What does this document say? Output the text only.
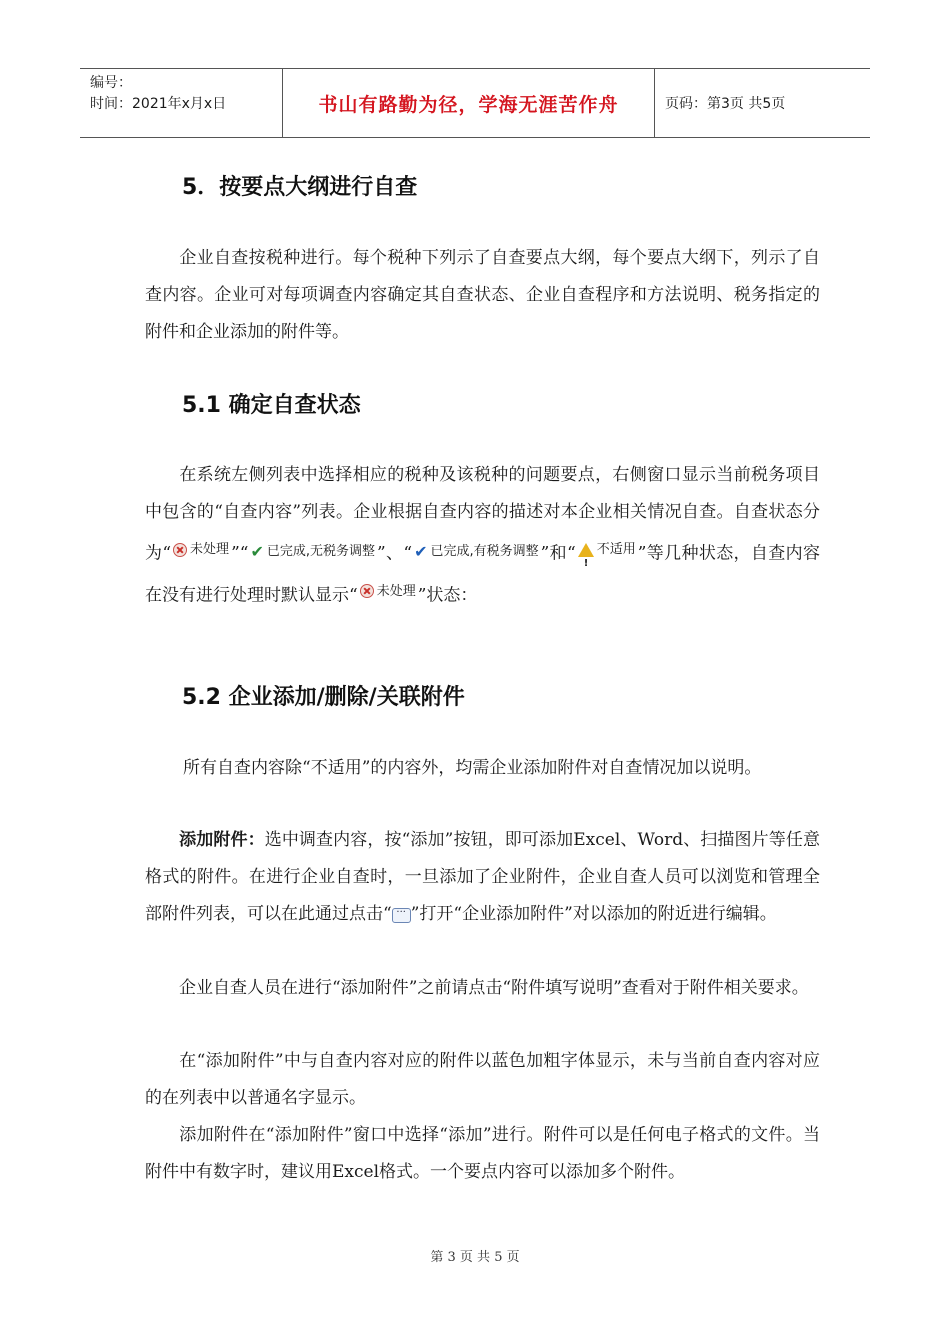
编号：
时间：2021年x月x日	书山有路勤为径，学海无涯苦作舟	页码：第3页 共5页
5．按要点大纲进行自查

企业自查按税种进行。每个税种下列示了自查要点大纲，每个要点大纲下，列示了自查内容。企业可对每项调查内容确定其自查状态、企业自查程序和方法说明、税务指定的附件和企业添加的附件等。

5.1 确定自查状态

在系统左侧列表中选择相应的税种及该税种的问题要点，右侧窗口显示当前税务项目中包含的“自查内容”列表。企业根据自查内容的描述对本企业相关情况自查。自查状态分为“ 未处理 ”“ ✔ 已完成,无税务调整 ”、“ ✔ 已完成,有税务调整 ”和“
! 不适用 ”等几种状态，自查内容在没有进行处理时默认显示“ 未处理 ”状态：

5.2 企业添加/删除/关联附件

所有自查内容除“不适用”的内容外，均需企业添加附件对自查情况加以说明。

添加附件：选中调查内容，按“添加”按钮，即可添加Excel、Word、扫描图片等任意格式的附件。在进行企业自查时，一旦添加了企业附件，企业自查人员可以浏览和管理全部附件列表，可以在此通过点击“ ··· ”打开“企业添加附件”对以添加的附近进行编辑。

企业自查人员在进行“添加附件”之前请点击“附件填写说明”查看对于附件相关要求。

在“添加附件”中与自查内容对应的附件以蓝色加粗字体显示，未与当前自查内容对应的在列表中以普通名字显示。

添加附件在“添加附件”窗口中选择“添加”进行。附件可以是任何电子格式的文件。当附件中有数字时，建议用Excel格式。一个要点内容可以添加多个附件。

第 3 页 共 5 页
